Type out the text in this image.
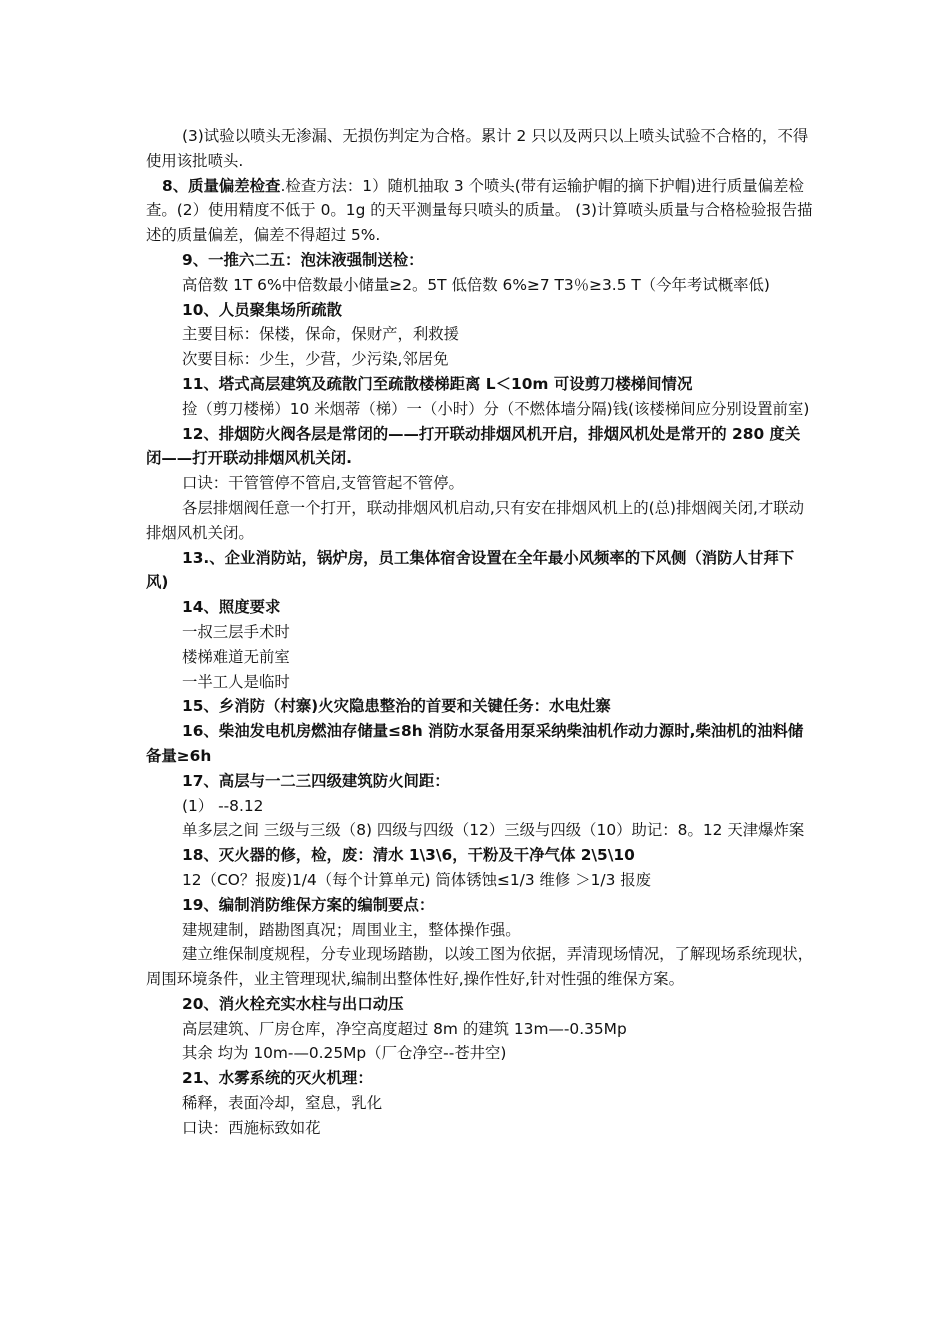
(3)试验以喷头无渗漏、无损伤判定为合格。累计 2 只以及两只以上喷头试验不合格的，不得使用该批喷头.

8、质量偏差检查.检查方法：1）随机抽取 3 个喷头(带有运输护帽的摘下护帽)进行质量偏差检查。(2）使用精度不低于 0。1g 的天平测量每只喷头的质量。 (3)计算喷头质量与合格检验报告描述的质量偏差，偏差不得超过 5%.

9、一推六二五：泡沫液强制送检：

高倍数 1T 6%中倍数最小储量≥2。5T 低倍数 6%≥7 T3％≥3.5 T（今年考试概率低)

10、人员聚集场所疏散

主要目标：保楼，保命，保财产，利救援

次要目标：少生，少营，少污染,邻居免

11、塔式高层建筑及疏散门至疏散楼梯距离 L＜10m 可设剪刀楼梯间情况

捡（剪刀楼梯）10 米烟蒂（梯）一（小时）分（不燃体墙分隔)钱(该楼梯间应分别设置前室)

12、排烟防火阀各层是常闭的——打开联动排烟风机开启，排烟风机处是常开的 280 度关闭——打开联动排烟风机关闭.

口诀：干管管停不管启,支管管起不管停。

各层排烟阀任意一个打开，联动排烟风机启动,只有安在排烟风机上的(总)排烟阀关闭,才联动排烟风机关闭。

13.、企业消防站，锅炉房，员工集体宿舍设置在全年最小风频率的下风侧（消防人甘拜下风)

14、照度要求

一叔三层手术时

楼梯难道无前室

一半工人是临时

15、乡消防（村寨)火灾隐患整治的首要和关键任务：水电灶寨

16、柴油发电机房燃油存储量≤8h 消防水泵备用泵采纳柴油机作动力源时,柴油机的油料储备量≥6h

17、高层与一二三四级建筑防火间距：

(1） --8.12

单多层之间 三级与三级（8) 四级与四级（12）三级与四级（10）助记：8。12 天津爆炸案

18、灭火器的修，检，废：清水 1\3\6，干粉及干净气体 2\5\10

12（CO？报废)1/4（每个计算单元) 筒体锈蚀≤1/3 维修 ＞1/3 报废

19、编制消防维保方案的编制要点：

建规建制，踏勘图真况；周围业主，整体操作强。

建立维保制度规程，分专业现场踏勘，以竣工图为依据，弄清现场情况，了解现场系统现状，周围环境条件，业主管理现状,编制出整体性好,操作性好,针对性强的维保方案。

20、消火栓充实水柱与出口动压

高层建筑、厂房仓库，净空高度超过 8m 的建筑 13m—-0.35Mp

其余 均为 10m-—0.25Mp（厂仓净空--苍井空)

21、水雾系统的灭火机理：

稀释，表面冷却，窒息，乳化

口诀：西施标致如花
